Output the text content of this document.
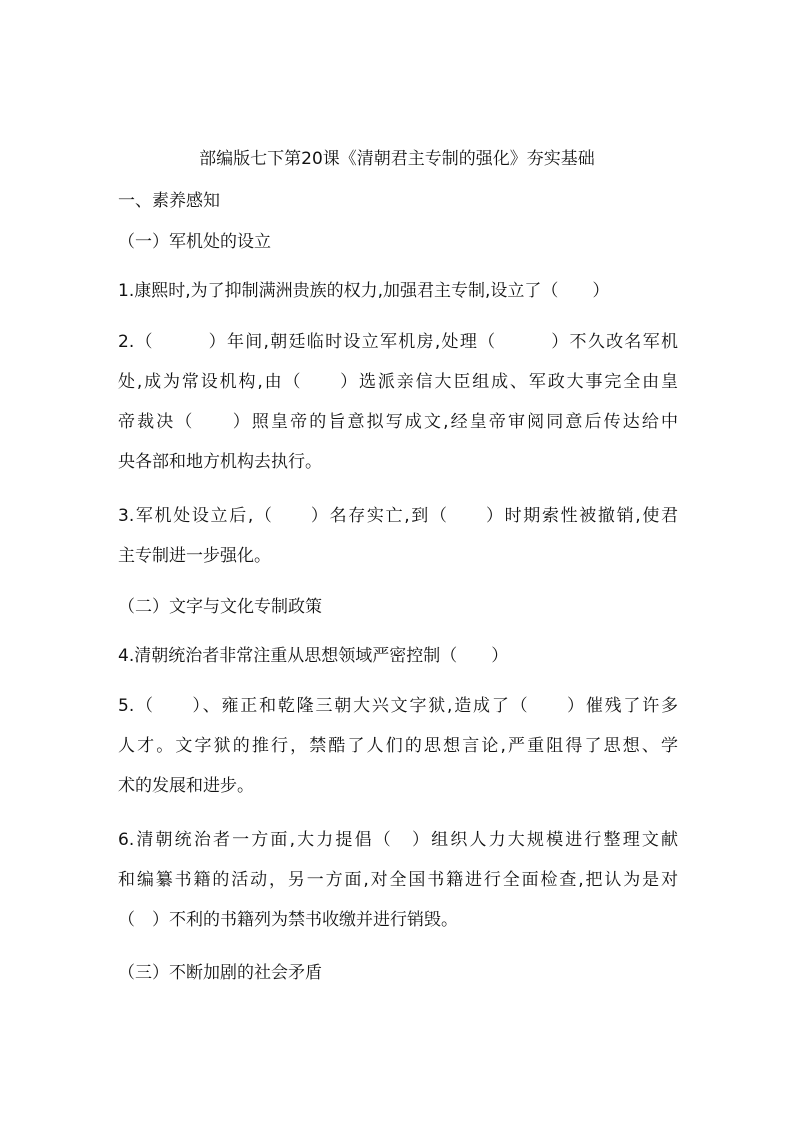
部编版七下第20课《清朝君主专制的强化》夯实基础
一、素养感知
（一）军机处的设立
1.康熙时,为了抑制满洲贵族的权力,加强君主专制,设立了（　　）
2.（　　　）年间,朝廷临时设立军机房,处理（　　　）不久改名军机
处,成为常设机构,由（　　）选派亲信大臣组成、军政大事完全由皇
帝裁决（　　）照皇帝的旨意拟写成文,经皇帝审阅同意后传达给中
央各部和地方机构去执行。
3.军机处设立后,（　　）名存实亡,到（　　）时期索性被撤销,使君
主专制进一步强化。
（二）文字与文化专制政策
4.清朝统治者非常注重从思想领域严密控制（　　）
5.（　　）、雍正和乾隆三朝大兴文字狱,造成了（　　）催残了许多
人才。文字狱的推行，禁酷了人们的思想言论,严重阻得了思想、学
术的发展和进步。
6.清朝统治者一方面,大力提倡（　）组织人力大规模进行整理文献
和编纂书籍的活动，另一方面,对全国书籍进行全面检查,把认为是对
（　）不利的书籍列为禁书收缴并进行销毁。
（三）不断加剧的社会矛盾
